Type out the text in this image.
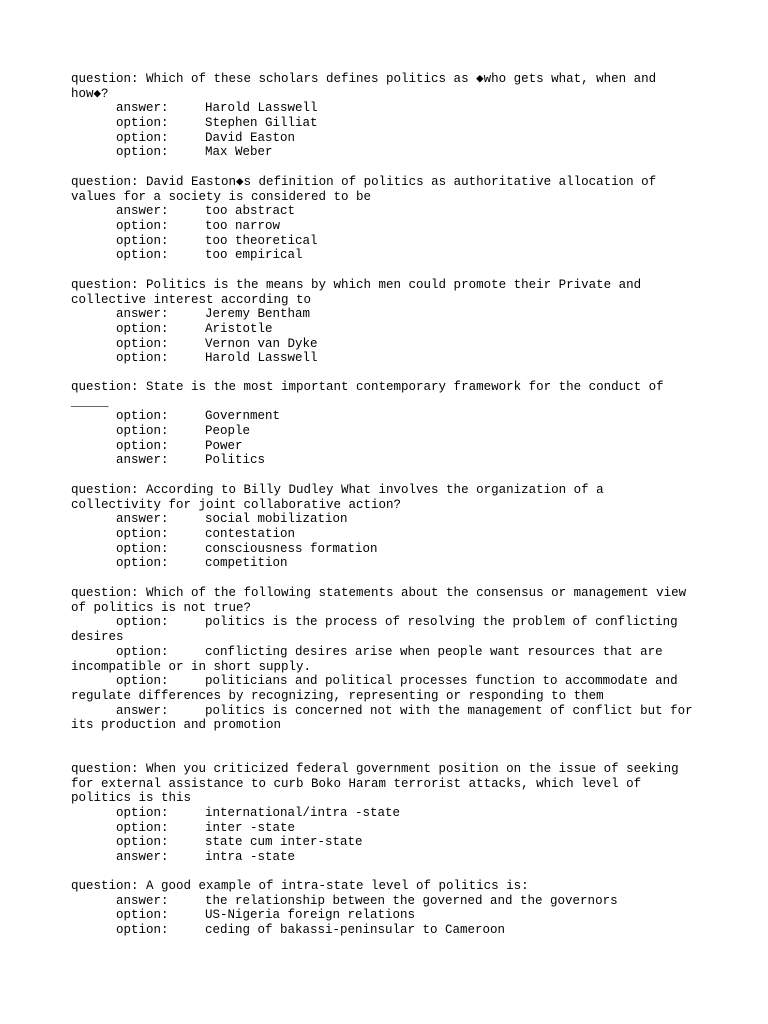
question: Which of these scholars defines politics as ◆who gets what, when and how◆?
answer:	Harold Lasswell
option:	Stephen Gilliat
option:	David Easton
option:	Max Weber
question: David Easton◆s definition of politics as authoritative allocation of values for a society is considered to be
answer:	too abstract
option:	too narrow
option:	too theoretical
option:	too empirical
question: Politics is the means by which men could promote their Private and collective interest according to
answer:	Jeremy Bentham
option:	Aristotle
option:	Vernon van Dyke
option:	Harold Lasswell
question: State is the most important contemporary framework for the conduct of _____
option:	Government
option:	People
option:	Power
answer:	Politics
question: According to Billy Dudley What involves the organization of a collectivity for joint collaborative action?
answer:	social mobilization
option:	contestation
option:	consciousness formation
option:	competition
question: Which of the following statements about the consensus or management view of politics is not true?
option:	politics is the process of resolving the problem of conflicting desires
option:	conflicting desires arise when people want resources that are incompatible or in short supply.
option:	politicians and political processes function to accommodate and regulate differences by recognizing, representing or responding to them
answer:	politics is concerned not with the management of conflict but for its production and promotion
question: When you criticized federal government position on the issue of seeking for external assistance to curb Boko Haram terrorist attacks, which level of politics is this
option:	international/intra -state
option:	inter -state
option:	state cum inter-state
answer:	intra -state
question: A good example of intra-state level of politics is:
answer:	the relationship between the governed and the governors
option:	US-Nigeria foreign relations
option:	ceding of bakassi-peninsular to Cameroon
